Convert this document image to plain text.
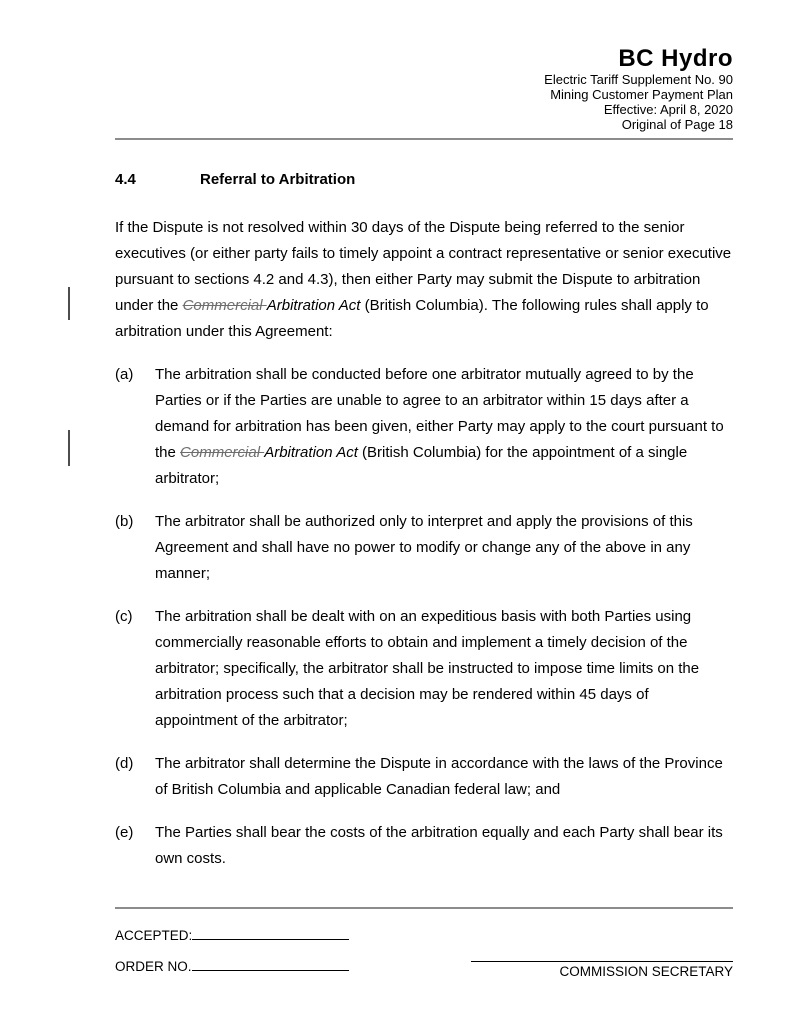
BC Hydro
Electric Tariff Supplement No. 90
Mining Customer Payment Plan
Effective: April 8, 2020
Original of Page 18
4.4	Referral to Arbitration

If the Dispute is not resolved within 30 days of the Dispute being referred to the senior executives (or either party fails to timely appoint a contract representative or senior executive pursuant to sections 4.2 and 4.3), then either Party may submit the Dispute to arbitration under the Commercial Arbitration Act (British Columbia). The following rules shall apply to arbitration under this Agreement:

(a)	The arbitration shall be conducted before one arbitrator mutually agreed to by the Parties or if the Parties are unable to agree to an arbitrator within 15 days after a demand for arbitration has been given, either Party may apply to the court pursuant to the Commercial Arbitration Act (British Columbia) for the appointment of a single arbitrator;
(b)	The arbitrator shall be authorized only to interpret and apply the provisions of this Agreement and shall have no power to modify or change any of the above in any manner;
(c)	The arbitration shall be dealt with on an expeditious basis with both Parties using commercially reasonable efforts to obtain and implement a timely decision of the arbitrator; specifically, the arbitrator shall be instructed to impose time limits on the arbitration process such that a decision may be rendered within 45 days of appointment of the arbitrator;
(d)	The arbitrator shall determine the Dispute in accordance with the laws of the Province of British Columbia and applicable Canadian federal law; and
(e)	The Parties shall bear the costs of the arbitration equally and each Party shall bear its own costs.
ACCEPTED:
ORDER NO.	COMMISSION SECRETARY
